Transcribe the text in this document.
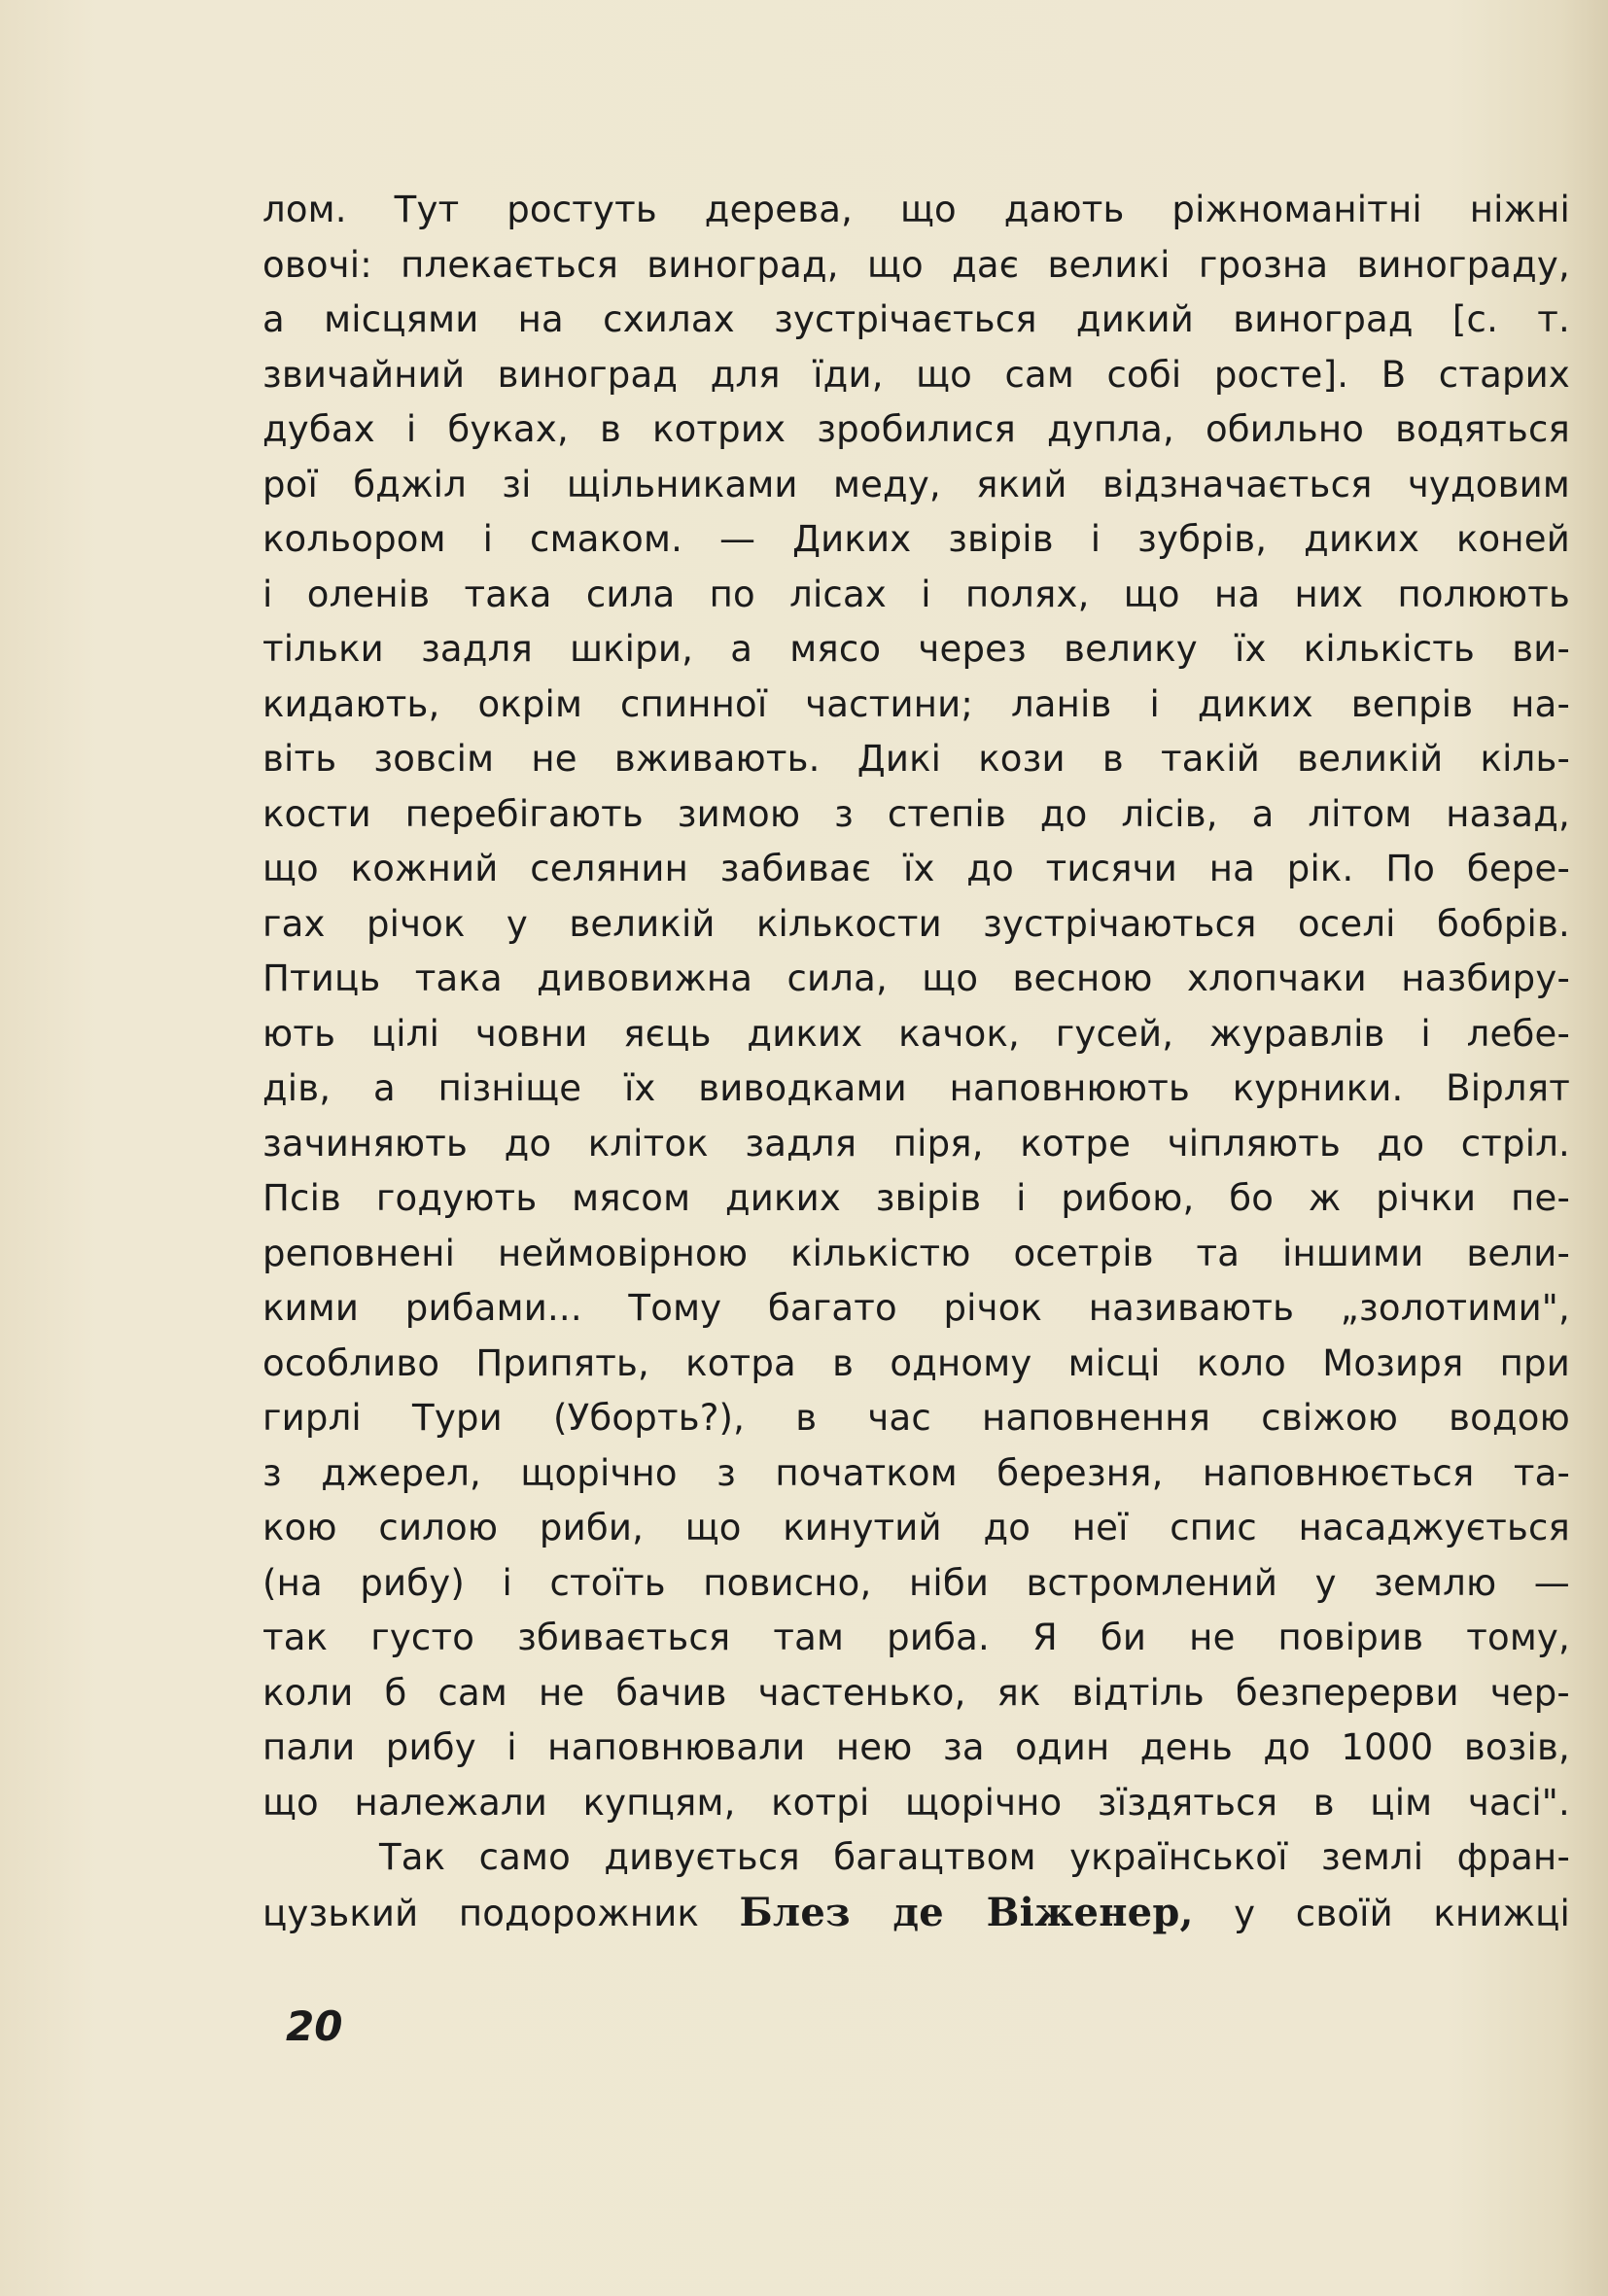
лом. Тут ростуть дерева, що дають ріжноманітні ніжні
овочі: плекається виноград, що дає великі грозна винограду,
а місцями на схилах зустрічається дикий виноград [с. т.
звичайний виноград для їди, що сам собі росте]. В старих
дубах і буках, в котрих зробилися дупла, обильно водяться
рої бджіл зі щільниками меду, який відзначається чудовим
кольором і смаком. — Диких звірів і зубрів, диких коней
і оленів така сила по лісах і полях, що на них полюють
тільки задля шкіри, а мясо через велику їх кількість ви-
кидають, окрім спинної частини; ланів і диких вепрів на-
віть зовсім не вживають. Дикі кози в такій великій кіль-
кости перебігають зимою з степів до лісів, а літом назад,
що кожний селянин забиває їх до тисячи на рік. По бере-
гах річок у великій кількости зустрічаються оселі бобрів.
Птиць така дивовижна сила, що весною хлопчаки назбиру-
ють цілі човни яєць диких качок, гусей, журавлів і лебе-
дів, а пізніще їх виводками наповнюють курники. Вірлят
зачиняють до кліток задля піря, котре чіпляють до стріл.
Псів годують мясом диких звірів і рибою, бо ж річки пе-
реповнені неймовірною кількістю осетрів та іншими вели-
кими рибами... Тому багато річок називають „золотими",
особливо Припять, котра в одному місці коло Мозиря при
гирлі Тури (Уборть?), в час наповнення свіжою водою
з джерел, щорічно з початком березня, наповнюється та-
кою силою риби, що кинутий до неї спис насаджується
(на рибу) і стоїть повисно, ніби встромлений у землю —
так густо збивається там риба. Я би не повірив тому,
коли б сам не бачив частенько, як відтіль безперерви чер-
пали рибу і наповнювали нею за один день до 1000 возів,
що належали купцям, котрі щорічно зїздяться в цім часі".
Так само дивується багацтвом української землі фран-
цузький подорожник Блез де Віженер, у своїй книжці
20
